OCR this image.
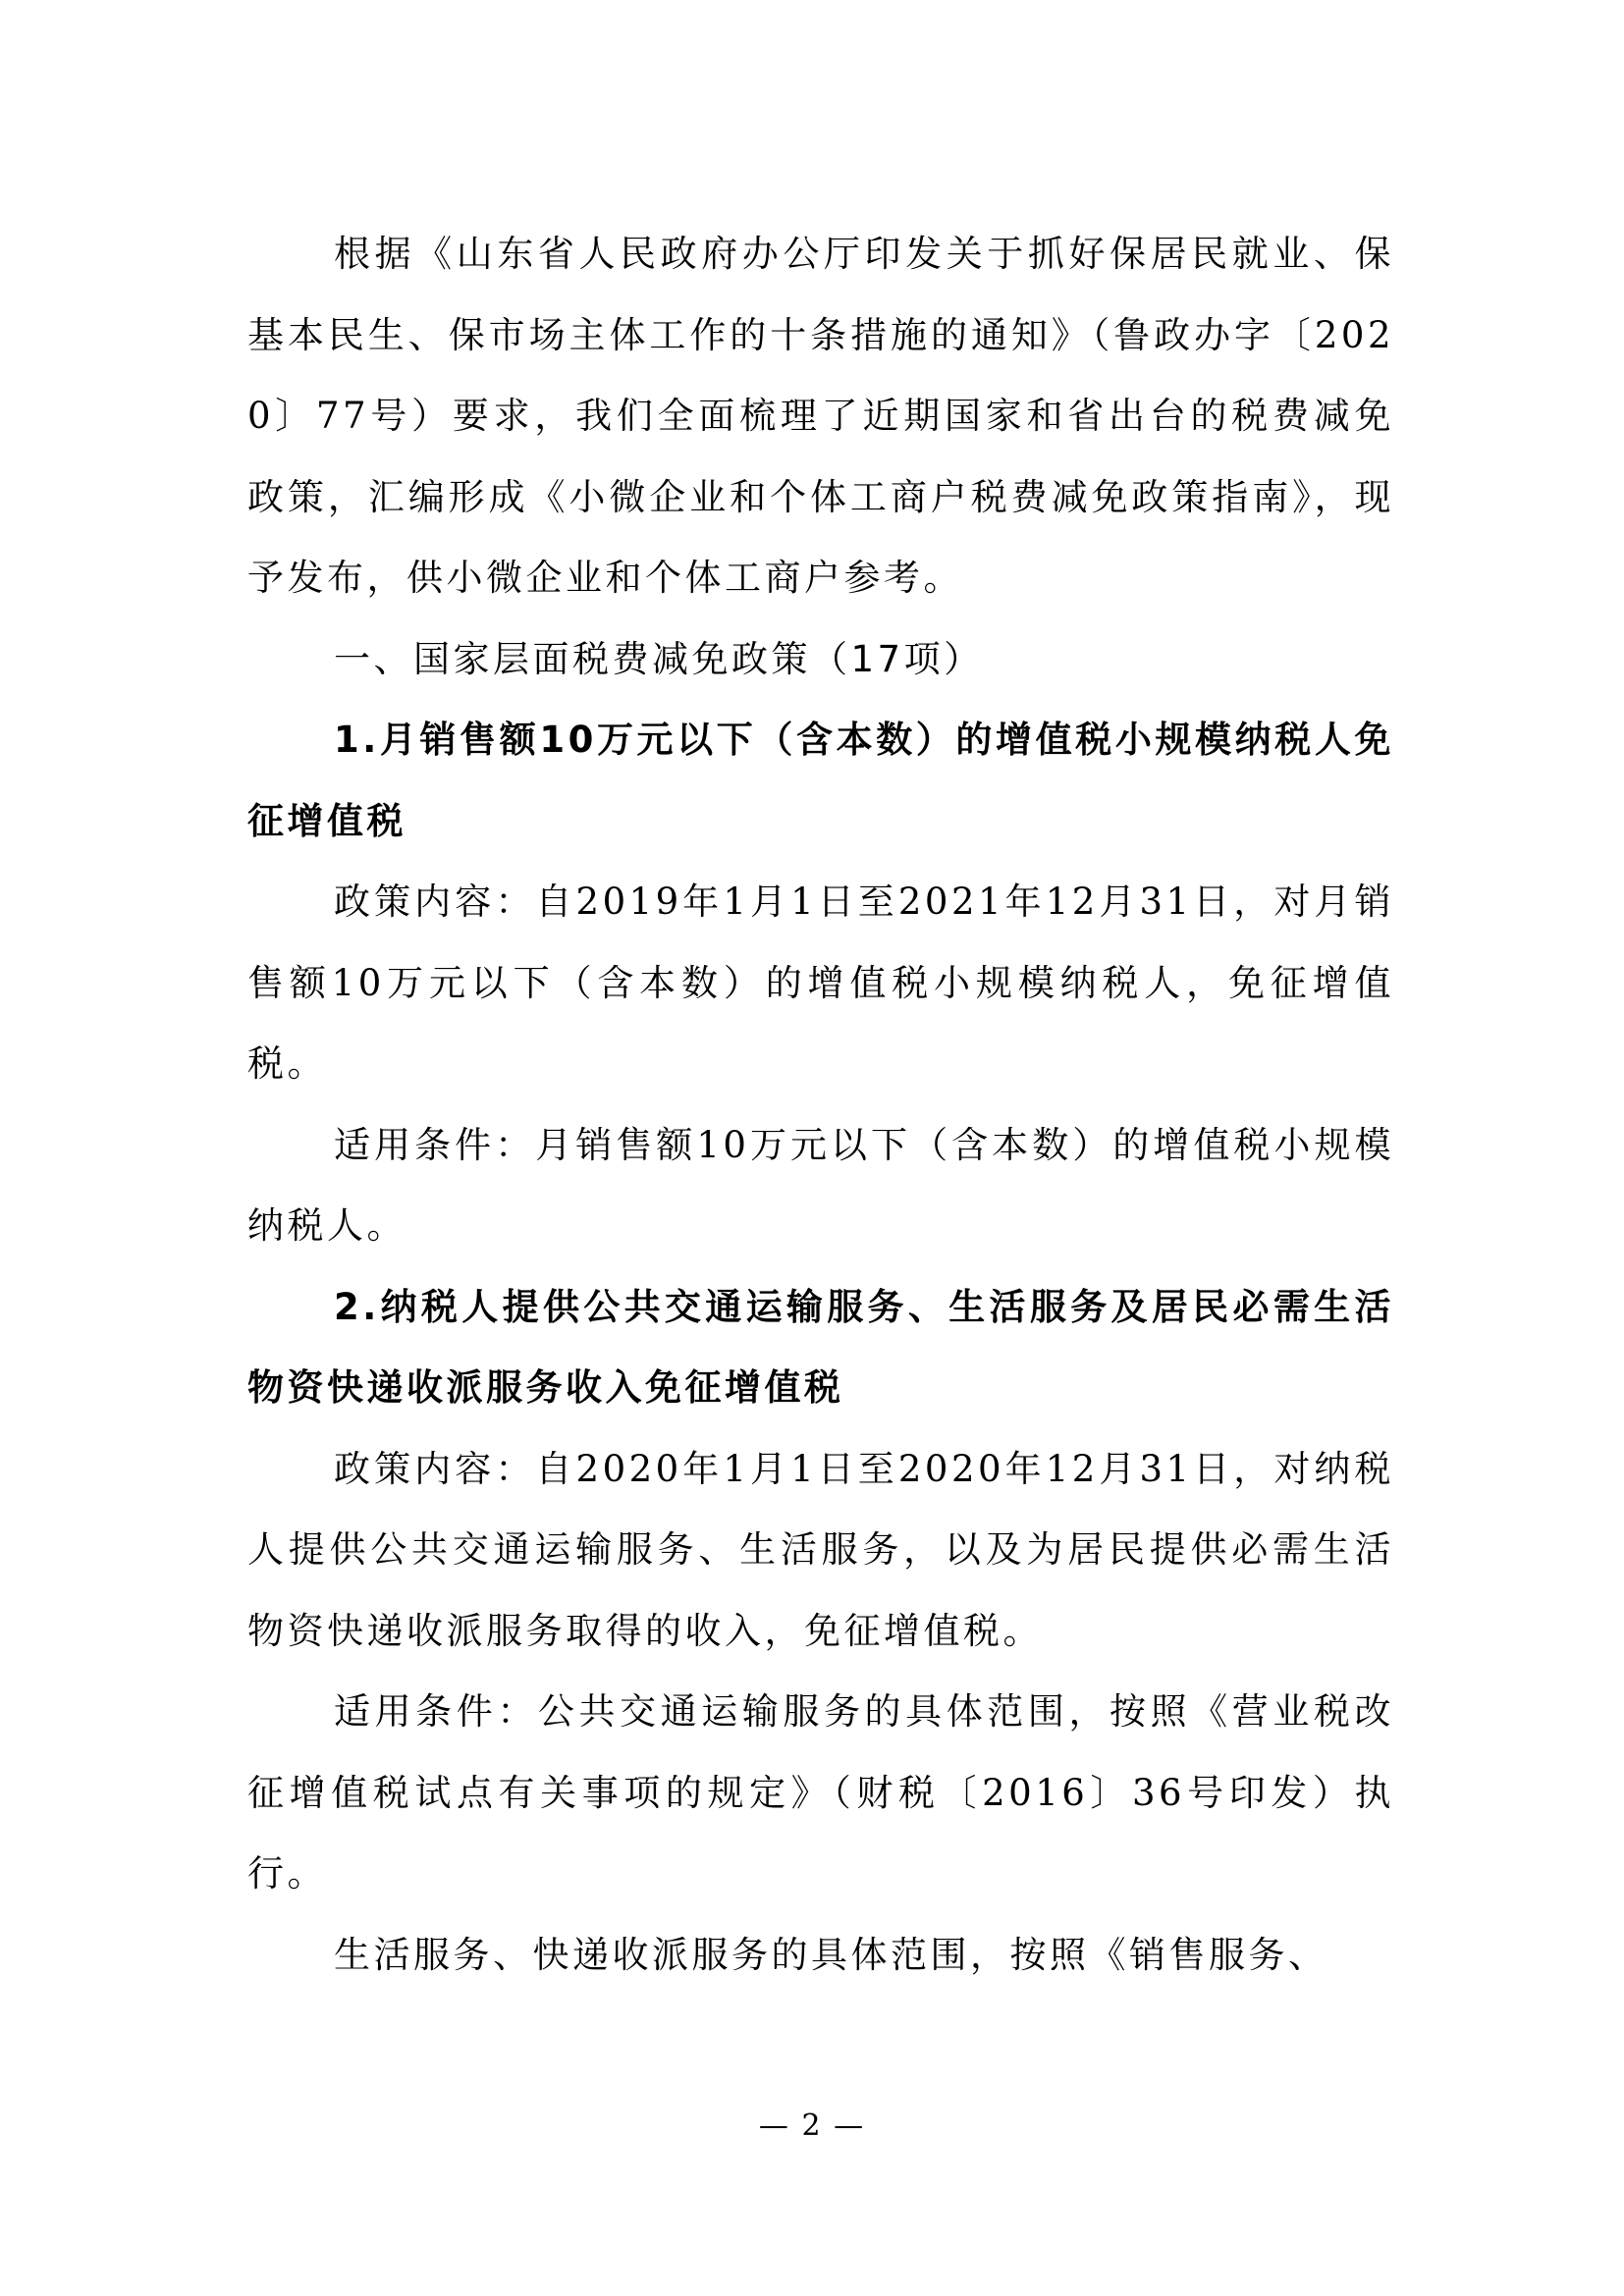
根据《山东省人民政府办公厅印发关于抓好保居民就业、保基本民生、保市场主体工作的十条措施的通知》（鲁政办字〔2020〕77号）要求，我们全面梳理了近期国家和省出台的税费减免政策，汇编形成《小微企业和个体工商户税费减免政策指南》，现予发布，供小微企业和个体工商户参考。

一、国家层面税费减免政策（17项）

1.月销售额10万元以下（含本数）的增值税小规模纳税人免征增值税

政策内容：自2019年1月1日至2021年12月31日，对月销售额10万元以下（含本数）的增值税小规模纳税人，免征增值税。

适用条件：月销售额10万元以下（含本数）的增值税小规模纳税人。

2.纳税人提供公共交通运输服务、生活服务及居民必需生活物资快递收派服务收入免征增值税

政策内容：自2020年1月1日至2020年12月31日，对纳税人提供公共交通运输服务、生活服务，以及为居民提供必需生活物资快递收派服务取得的收入，免征增值税。

适用条件：公共交通运输服务的具体范围，按照《营业税改征增值税试点有关事项的规定》（财税〔2016〕36号印发）执行。

生活服务、快递收派服务的具体范围，按照《销售服务、

— 2 —
